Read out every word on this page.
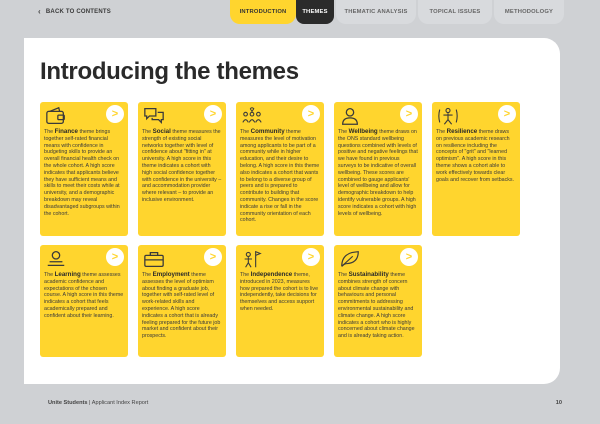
‹ BACK TO CONTENTS	INTRODUCTION	THEMES	THEMATIC ANALYSIS	TOPICAL ISSUES	METHODOLOGY
Introducing the themes
>
The Finance theme brings together self-rated financial means with confidence in budgeting skills to provide an overall financial health check on the whole cohort. A high score indicates that applicants believe they have sufficient means and skills to meet their costs while at university, and a demographic breakdown may reveal disadvantaged subgroups within the cohort.
>
The Social theme measures the strength of existing social networks together with level of confidence about "fitting in" at university. A high score in this theme indicates a cohort with high social confidence together with confidence in the university – and accommodation provider where relevant – to provide an inclusive environment.
>
The Community theme measures the level of motivation among applicants to be part of a community while in higher education, and their desire to belong. A high score in this theme also indicates a cohort that wants to belong to a diverse group of peers and is prepared to contribute to building that community. Changes in the score indicate a rise or fall in the community orientation of each cohort.
>
The Wellbeing theme draws on the ONS standard wellbeing questions combined with levels of positive and negative feelings that we have found in previous surveys to be indicative of overall wellbeing. These scores are combined to gauge applicants' level of wellbeing and allow for demographic breakdown to help identify vulnerable groups. A high score indicates a cohort with high levels of wellbeing.
>
The Resilience theme draws on previous academic research on resilience including the concepts of "grit" and "learned optimism". A high score in this theme shows a cohort able to work effectively towards clear goals and recover from setbacks.
>
The Learning theme assesses academic confidence and expectations of the chosen course. A high score in this theme indicates a cohort that feels academically prepared and confident about their learning.
>
The Employment theme assesses the level of optimism about finding a graduate job, together with self-rated level of work-related skills and experience. A high score indicates a cohort that is already feeling prepared for the future job market and confident about their prospects.
>
The Independence theme, introduced in 2023, measures how prepared the cohort is to live independently, take decisions for themselves and access support when needed.
>
The Sustainability theme combines strength of concern about climate change with behaviours and personal commitments to addressing environmental sustainability and climate change. A high score indicates a cohort who is highly concerned about climate change and is already taking action.
Unite Students | Applicant Index Report	10
